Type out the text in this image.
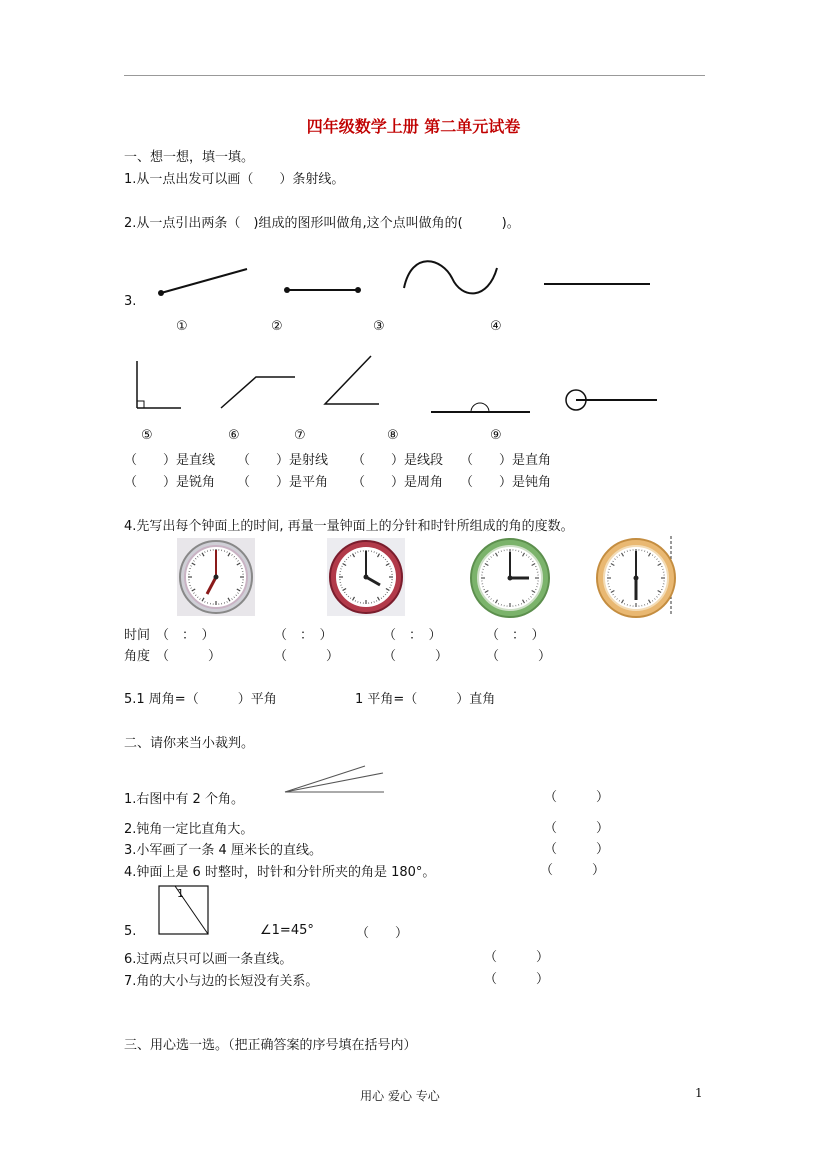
四年级数学上册 第二单元试卷
一、想一想，填一填。
1.从一点出发可以画（　　）条射线。
2.从一点引出两条（　)组成的图形叫做角,这个点叫做角的(　　　)。
3.
①	②	③	④
⑤	⑥	⑦	⑧	⑨
（　　）是直线 （　　）是射线 （　　）是线段 （　　）是直角
（　　）是锐角 （　　）是平角 （　　）是周角 （　　）是钝角
4.先写出每个钟面上的时间, 再量一量钟面上的分针和时针所组成的角的度数。
时间 （　：　）	（　：　）	（　：　）	（　：　）
角度 （　　　）	（　　　）	（　　　）	（　　　）
5.1 周角=（　　　）平角	1 平角=（　　　）直角
二、请你来当小裁判。
1.右图中有 2 个角。	（　　　）
2.钝角一定比直角大。	（　　　）
3.小军画了一条 4 厘米长的直线。	（　　　）
4.钟面上是 6 时整时，时针和分针所夹的角是 180°。	（　　　）
5.
1
∠1=45°	（　　）
6.过两点只可以画一条直线。	（　　　）
7.角的大小与边的长短没有关系。	（　　　）
三、用心选一选。（把正确答案的序号填在括号内）
用心 爱心 专心	1
